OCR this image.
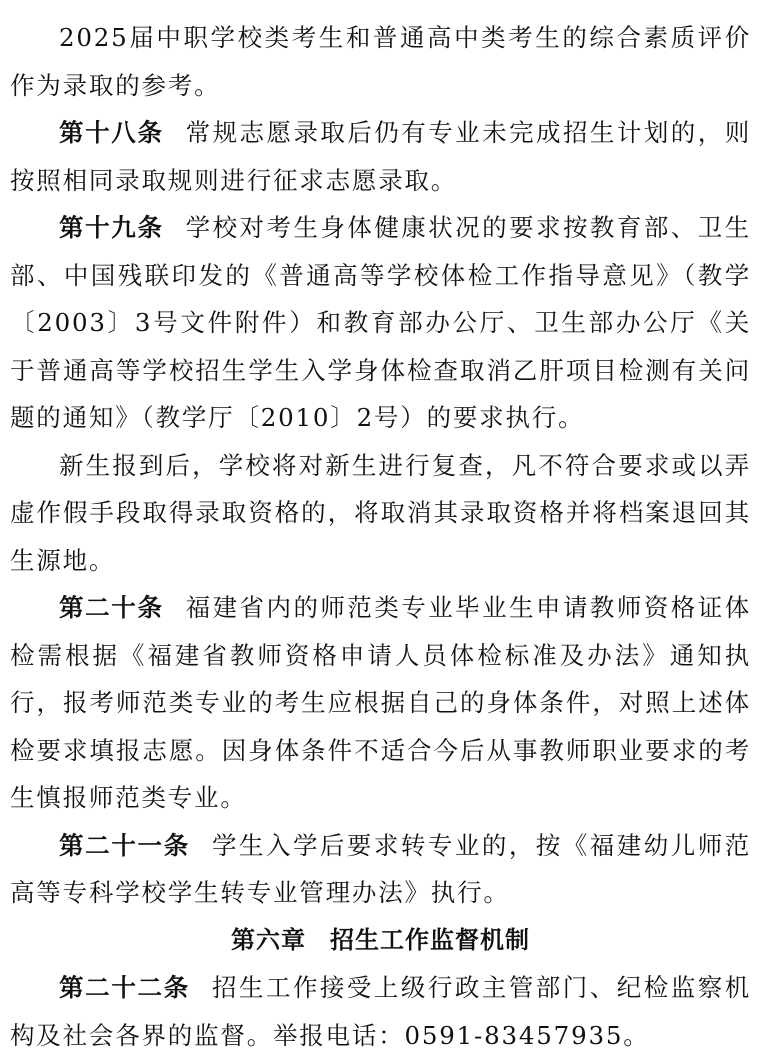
2025届中职学校类考生和普通高中类考生的综合素质评价作为录取的参考。

第十八条 常规志愿录取后仍有专业未完成招生计划的，则按照相同录取规则进行征求志愿录取。

第十九条 学校对考生身体健康状况的要求按教育部、卫生部、中国残联印发的《普通高等学校体检工作指导意见》（教学〔2003〕3号文件附件）和教育部办公厅、卫生部办公厅《关于普通高等学校招生学生入学身体检查取消乙肝项目检测有关问题的通知》（教学厅〔2010〕2号）的要求执行。

新生报到后，学校将对新生进行复查，凡不符合要求或以弄虚作假手段取得录取资格的，将取消其录取资格并将档案退回其生源地。

第二十条 福建省内的师范类专业毕业生申请教师资格证体检需根据《福建省教师资格申请人员体检标准及办法》通知执行，报考师范类专业的考生应根据自己的身体条件，对照上述体检要求填报志愿。因身体条件不适合今后从事教师职业要求的考生慎报师范类专业。

第二十一条 学生入学后要求转专业的，按《福建幼儿师范高等专科学校学生转专业管理办法》执行。

第六章 招生工作监督机制

第二十二条 招生工作接受上级行政主管部门、纪检监察机构及社会各界的监督。举报电话：0591-83457935。
